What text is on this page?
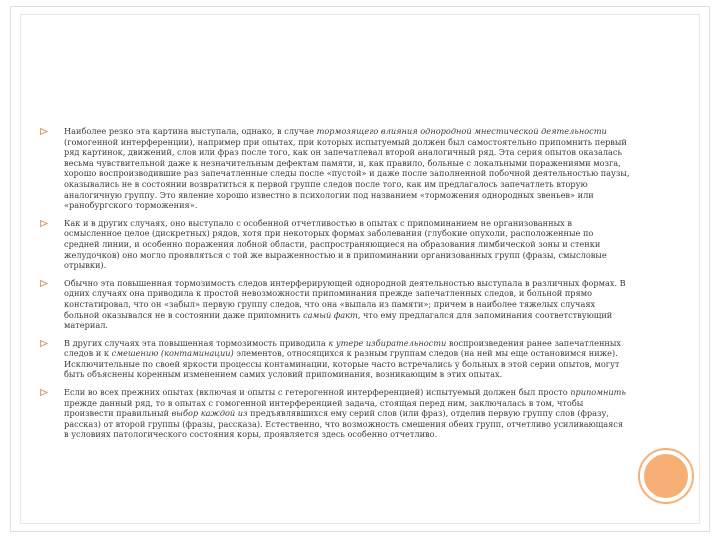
Наиболее резко эта картина выступала, однако, в случае тормозящего влияния однородной мнестической деятельности (гомогенной интерференции), например при опытах, при которых испытуемый должен был самостоятельно припомнить первый ряд картинок, движений, слов или фраз после того, как он запечатлевал второй аналогичный ряд. Эта серия опытов оказалась весьма чувствительной даже к незначительным дефектам памяти, и, как правило, больные с локальными поражениями мозга, хорошо воспроизводившие раз запечатленные следы после «пустой» и даже после заполненной побочной деятельностью паузы, оказывались не в состоянии возвратиться к первой группе следов после того, как им предлагалось запечатлеть вторую аналогичную группу. Это явление хорошо известно в психологии под названием «торможения однородных звеньев» или «ранобургского торможения».
Как и в других случаях, оно выступало с особенной отчетливостью в опытах с припоминанием не организованных в осмысленное целое (дискретных) рядов, хотя при некоторых формах заболевания (глубокие опухоли, расположенные по средней линии, и особенно поражения лобной области, распространяющиеся на образования лимбической зоны и стенки желудочков) оно могло проявляться с той же выраженностью и в припоминании организованных групп (фразы, смысловые отрывки).
Обычно эта повышенная тормозимость следов интерферирующей однородной деятельностью выступала в различных формах. В одних случаях она приводила к простой невозможности припоминания прежде запечатленных следов, и больной прямо констатировал, что он «забыл» первую группу следов, что она «выпала из памяти»; причем в наиболее тяжелых случаях больной оказывался не в состоянии даже припомнить самый факт, что ему предлагался для запоминания соответствующий материал.
В других случаях эта повышенная тормозимость приводила к утере избирательности воспроизведения ранее запечатленных следов и к смешению (контаминации) элементов, относящихся к разным группам следов (на ней мы еще остановимся ниже). Исключительные по своей яркости процессы контаминации, которые часто встречались у больных в этой серии опытов, могут быть объяснены коренным изменением самих условий припоминания, возникающим в этих опытах.
Если во всех прежних опытах (включая и опыты с гетерогенной интерференцией) испытуемый должен был просто припомнить прежде данный ряд, то в опытах с гомогенной интерференцией задача, стоящая перед ним, заключалась в том, чтобы произвести правильный выбор каждой из предъявлявшихся ему серий слов (или фраз), отделив первую группу слов (фразу, рассказ) от второй группы (фразы, рассказа). Естественно, что возможность смешения обеих групп, отчетливо усиливающаяся в условиях патологического состояния коры, проявляется здесь особенно отчетливо.
